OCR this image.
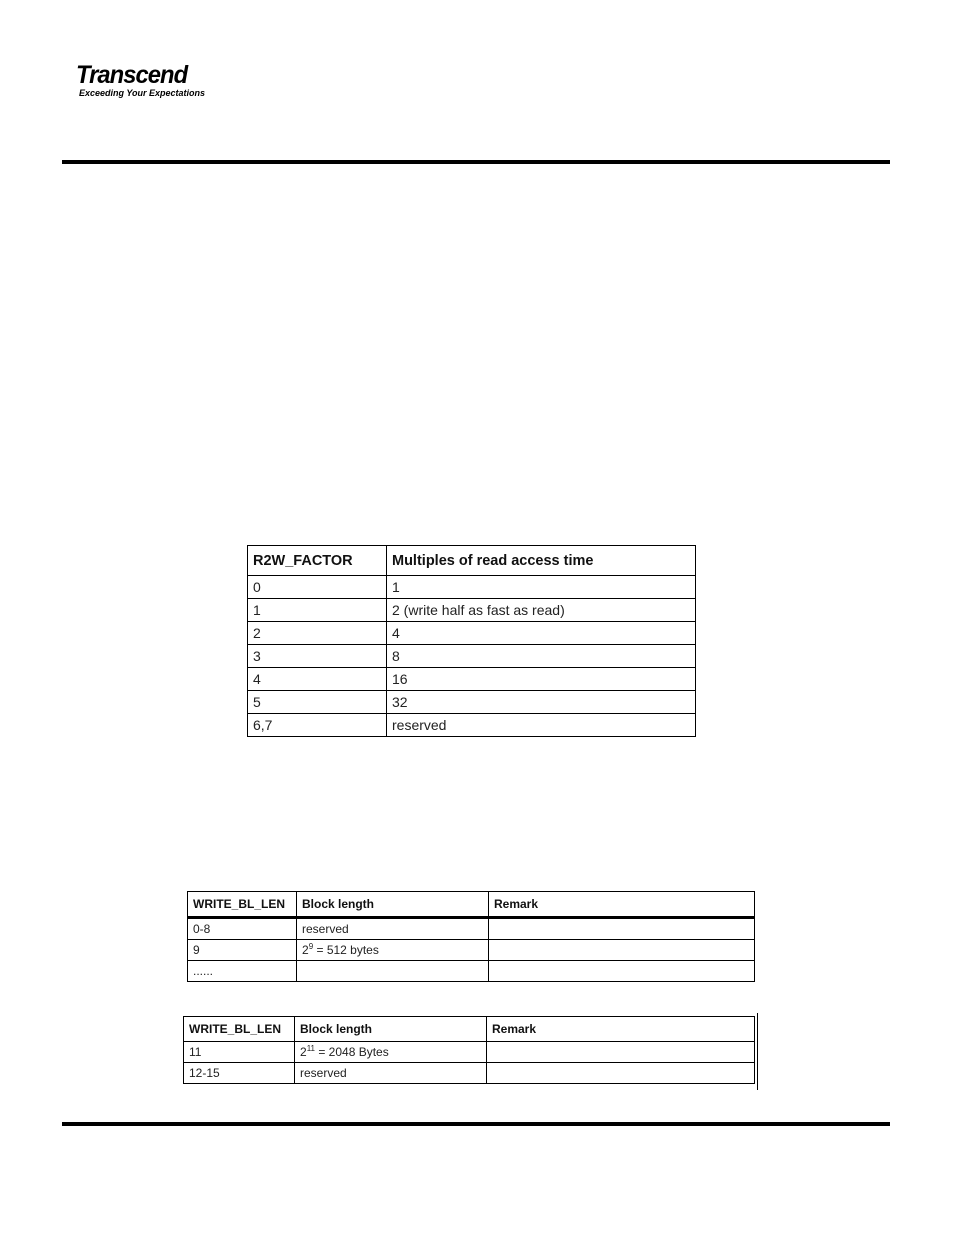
Transcend
Exceeding Your Expectations
R2W_FACTOR	Multiples of read access time
0	1
1	2 (write half as fast as read)
2	4
3	8
4	16
5	32
6,7	reserved
WRITE_BL_LEN	Block length	Remark
0-8	reserved	
9	$2^9 = 512$ bytes	
......		
WRITE_BL_LEN	Block length	Remark
11	$2^{11} = 2048$ Bytes	
12-15	reserved	
